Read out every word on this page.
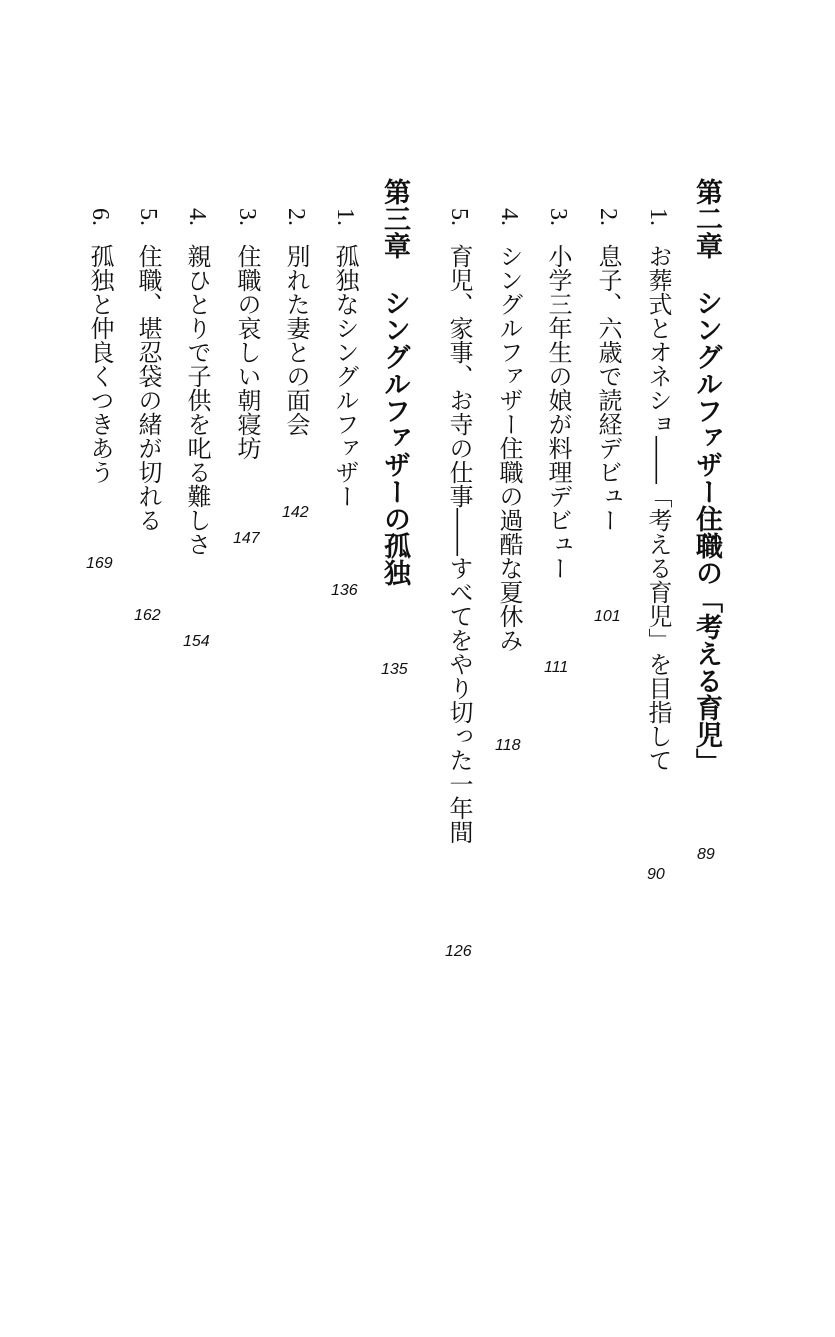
第二章シングルファザー住職の「考える育児」
89
1.お葬式とオネショ――「考える育児」を目指して
90
2.息子、六歳で読経デビュー
101
3.小学三年生の娘が料理デビュー
111
4.シングルファザー住職の過酷な夏休み
118
5.育児、家事、お寺の仕事――すべてをやり切った一年間
126
第三章シングルファザーの孤独
135
1.孤独なシングルファザー
136
2.別れた妻との面会
142
3.住職の哀しい朝寝坊
147
4.親ひとりで子供を叱る難しさ
154
5.住職、堪忍袋の緒が切れる
162
6.孤独と仲良くつきあう
169
